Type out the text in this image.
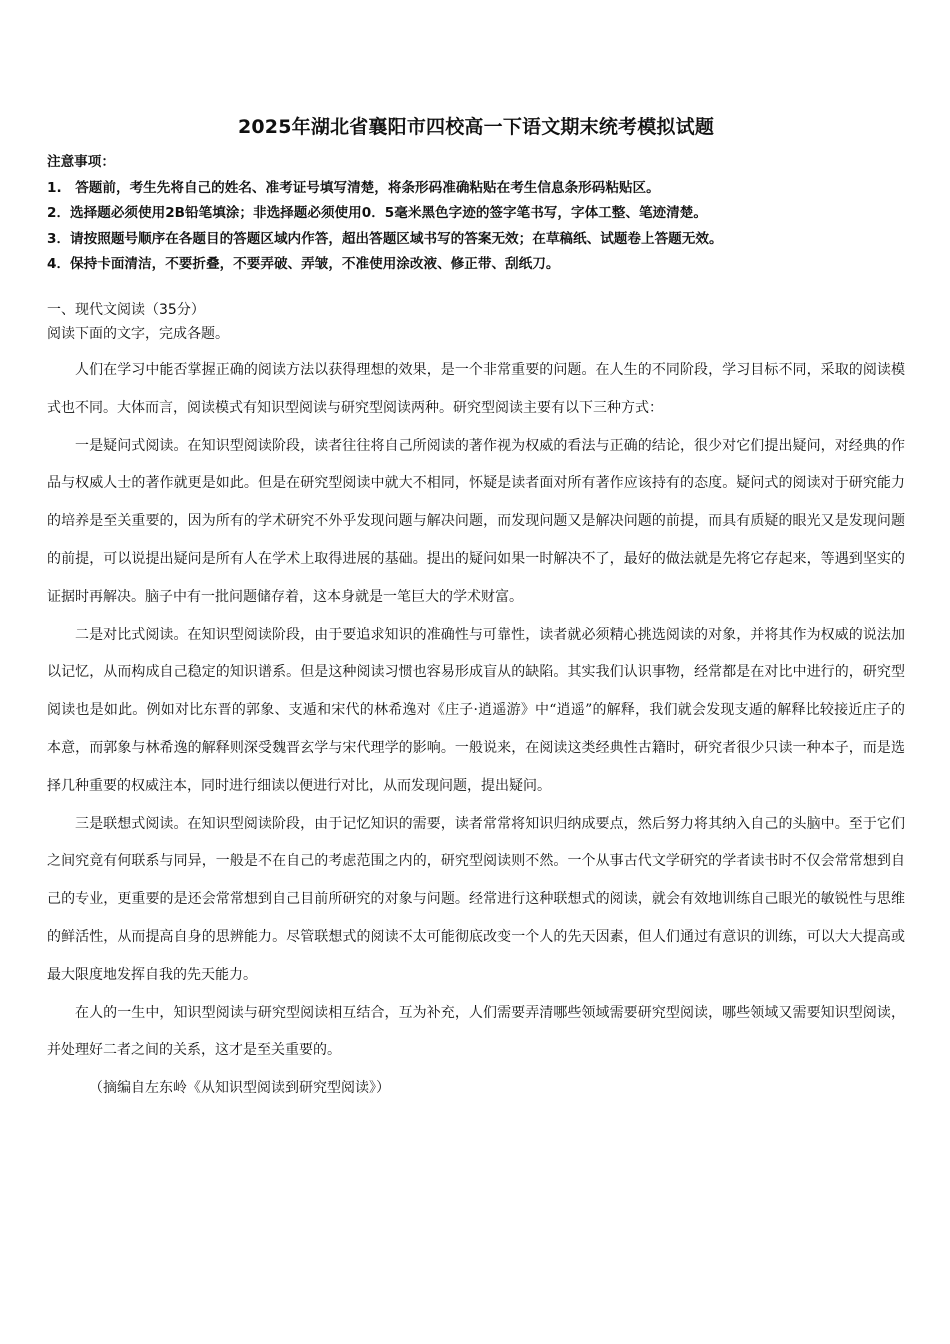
2025年湖北省襄阳市四校高一下语文期末统考模拟试题
注意事项：
1.　答题前，考生先将自己的姓名、准考证号填写清楚，将条形码准确粘贴在考生信息条形码粘贴区。
2．选择题必须使用2B铅笔填涂；非选择题必须使用0．5毫米黑色字迹的签字笔书写，字体工整、笔迹清楚。
3．请按照题号顺序在各题目的答题区域内作答，超出答题区域书写的答案无效；在草稿纸、试题卷上答题无效。
4．保持卡面清洁，不要折叠，不要弄破、弄皱，不准使用涂改液、修正带、刮纸刀。
一、现代文阅读（35分）
阅读下面的文字，完成各题。

人们在学习中能否掌握正确的阅读方法以获得理想的效果，是一个非常重要的问题。在人生的不同阶段，学习目标不同，采取的阅读模式也不同。大体而言，阅读模式有知识型阅读与研究型阅读两种。研究型阅读主要有以下三种方式：

一是疑问式阅读。在知识型阅读阶段，读者往往将自己所阅读的著作视为权威的看法与正确的结论，很少对它们提出疑问，对经典的作品与权威人士的著作就更是如此。但是在研究型阅读中就大不相同，怀疑是读者面对所有著作应该持有的态度。疑问式的阅读对于研究能力的培养是至关重要的，因为所有的学术研究不外乎发现问题与解决问题，而发现问题又是解决问题的前提，而具有质疑的眼光又是发现问题的前提，可以说提出疑问是所有人在学术上取得进展的基础。提出的疑问如果一时解决不了，最好的做法就是先将它存起来，等遇到坚实的证据时再解决。脑子中有一批问题储存着，这本身就是一笔巨大的学术财富。

二是对比式阅读。在知识型阅读阶段，由于要追求知识的准确性与可靠性，读者就必须精心挑选阅读的对象，并将其作为权威的说法加以记忆，从而构成自己稳定的知识谱系。但是这种阅读习惯也容易形成盲从的缺陷。其实我们认识事物，经常都是在对比中进行的，研究型阅读也是如此。例如对比东晋的郭象、支遁和宋代的林希逸对《庄子·逍遥游》中“逍遥”的解释，我们就会发现支遁的解释比较接近庄子的本意，而郭象与林希逸的解释则深受魏晋玄学与宋代理学的影响。一般说来，在阅读这类经典性古籍时，研究者很少只读一种本子，而是选择几种重要的权威注本，同时进行细读以便进行对比，从而发现问题，提出疑问。

三是联想式阅读。在知识型阅读阶段，由于记忆知识的需要，读者常常将知识归纳成要点，然后努力将其纳入自己的头脑中。至于它们之间究竟有何联系与同异，一般是不在自己的考虑范围之内的，研究型阅读则不然。一个从事古代文学研究的学者读书时不仅会常常想到自己的专业，更重要的是还会常常想到自己目前所研究的对象与问题。经常进行这种联想式的阅读，就会有效地训练自己眼光的敏锐性与思维的鲜活性，从而提高自身的思辨能力。尽管联想式的阅读不太可能彻底改变一个人的先天因素，但人们通过有意识的训练，可以大大提高或最大限度地发挥自我的先天能力。

在人的一生中，知识型阅读与研究型阅读相互结合，互为补充，人们需要弄清哪些领域需要研究型阅读，哪些领域又需要知识型阅读，并处理好二者之间的关系，这才是至关重要的。

（摘编自左东岭《从知识型阅读到研究型阅读》）
